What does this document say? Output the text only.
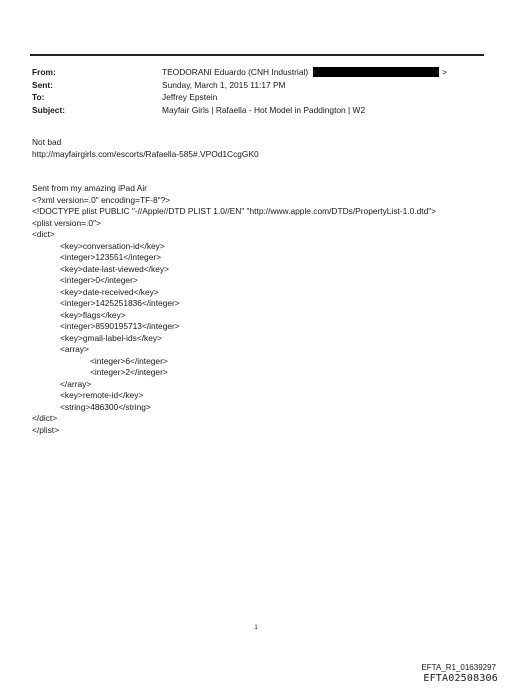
From:	TEODORANI Eduardo (CNH Industrial)	>
Sent:	Sunday, March 1, 2015 11:17 PM
To:	Jeffrey Epstein
Subject:	Mayfair Girls | Rafaella - Hot Model in Paddington | W2
Not bad
http://mayfairgirls.com/escorts/Rafaella-585#.VPOd1CcgGK0
Sent from my amazing iPad Air
<?xml version=.0" encoding=TF-8"?>
<!DOCTYPE plist PUBLIC "-//Apple//DTD PLIST 1.0//EN" "http://www.apple.com/DTDs/PropertyList-1.0.dtd">
<plist version=.0">
<dict>
<key>conversation-id</key>
<integer>123551</integer>
<key>date-last-viewed</key>
<integer>0</integer>
<key>date-received</key>
<integer>1425251836</integer>
<key>flags</key>
<integer>8590195713</integer>
<key>gmail-label-ids</key>
<array>
<integer>6</integer>
<integer>2</integer>
</array>
<key>remote-id</key>
<string>486300</string>
</dict>
</plist>
1
EFTA_R1_01639297
EFTA02508306
